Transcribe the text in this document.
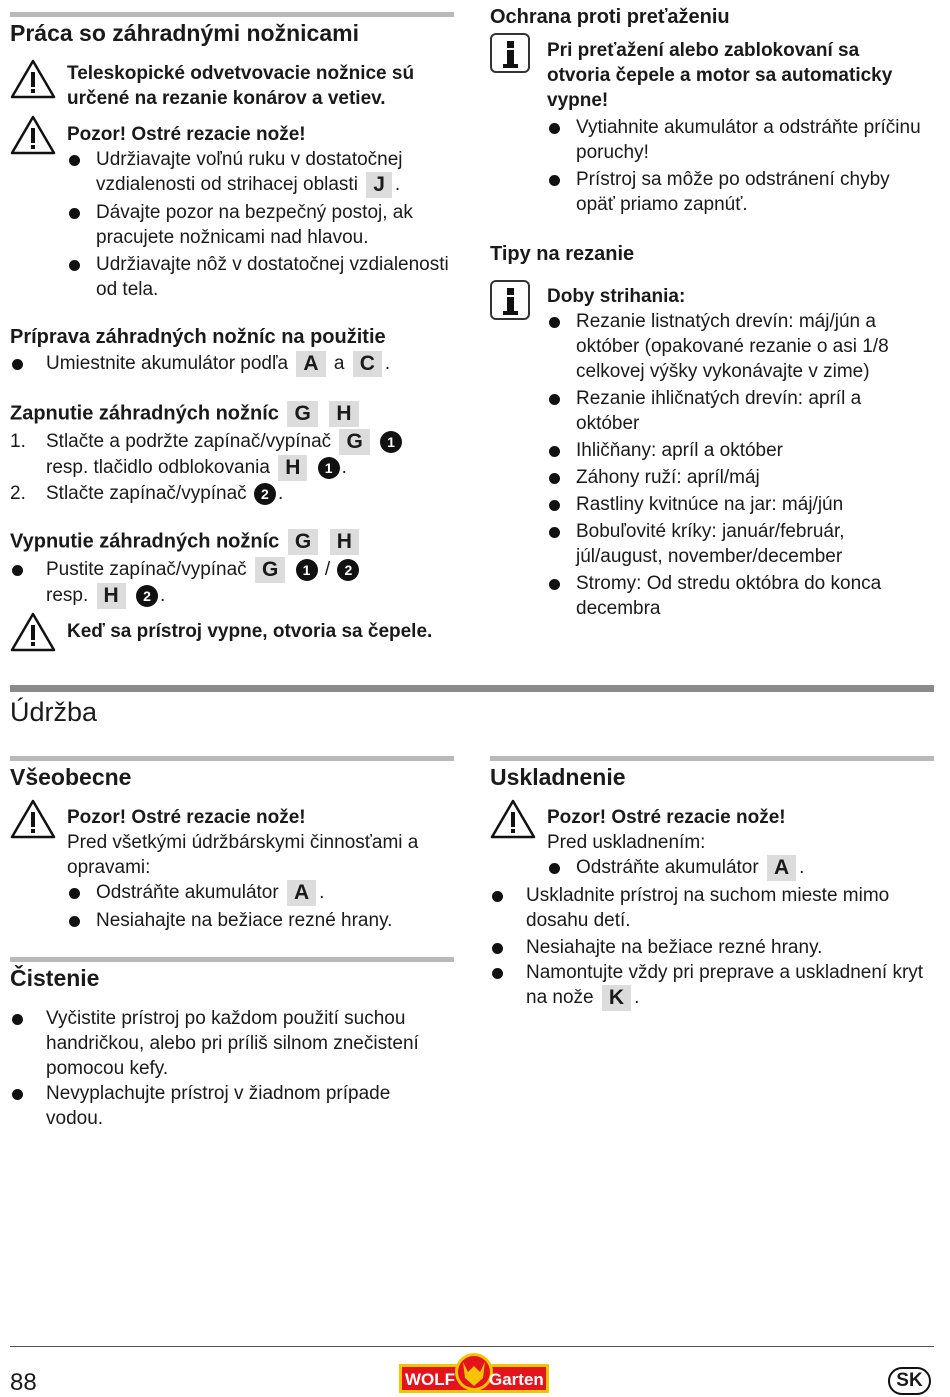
Práca so záhradnými nožnicami
Teleskopické odvetvovacie nožnice sú určené na rezanie konárov a vetiev.
Pozor! Ostré rezacie nože!
Udržiavajte voľnú ruku v dostatočnej vzdialenosti od strihacej oblasti J .
Dávajte pozor na bezpečný postoj, ak pracujete nožnicami nad hlavou.
Udržiavajte nôž v dostatočnej vzdialenosti od tela.
Príprava záhradných nožníc na použitie
Umiestnite akumulátor podľa A a C .
Zapnutie záhradných nožníc G H
1. Stlačte a podržte zapínač/vypínač G 1
resp. tlačidlo odblokovania H 1 .
2. Stlačte zapínač/vypínač 2 .
Vypnutie záhradných nožníc G H
Pustite zapínač/vypínač G 1 / 2
resp. H 2 .
Keď sa prístroj vypne, otvoria sa čepele.
Ochrana proti preťaženiu
Pri preťažení alebo zablokovaní sa otvoria čepele a motor sa automaticky vypne!
Vytiahnite akumulátor a odstráňte príčinu poruchy!
Prístroj sa môže po odstránení chyby opäť priamo zapnúť.
Tipy na rezanie
Doby strihania:
Rezanie listnatých drevín: máj/jún a október (opakované rezanie o asi 1/8 celkovej výšky vykonávajte v zime)
Rezanie ihličnatých drevín: apríl a október
Ihličňany: apríl a október
Záhony ruží: apríl/máj
Rastliny kvitnúce na jar: máj/jún
Bobuľovité kríky: január/február, júl/august, november/december
Stromy: Od stredu októbra do konca decembra
Údržba
Všeobecne
Pozor! Ostré rezacie nože!
Pred všetkými údržbárskymi činnosťami a opravami:
Odstráňte akumulátor A .
Nesiahajte na bežiace rezné hrany.
Čistenie
Vyčistite prístroj po každom použití suchou handričkou, alebo pri príliš silnom znečistení pomocou kefy.
Nevyplachujte prístroj v žiadnom prípade vodou.
Uskladnenie
Pozor! Ostré rezacie nože!
Pred uskladnením:
Odstráňte akumulátor A .
Uskladnite prístroj na suchom mieste mimo dosahu detí.
Nesiahajte na bežiace rezné hrany.
Namontujte vždy pri preprave a uskladnení kryt na nože K .
88	WOLF Garten	SK
